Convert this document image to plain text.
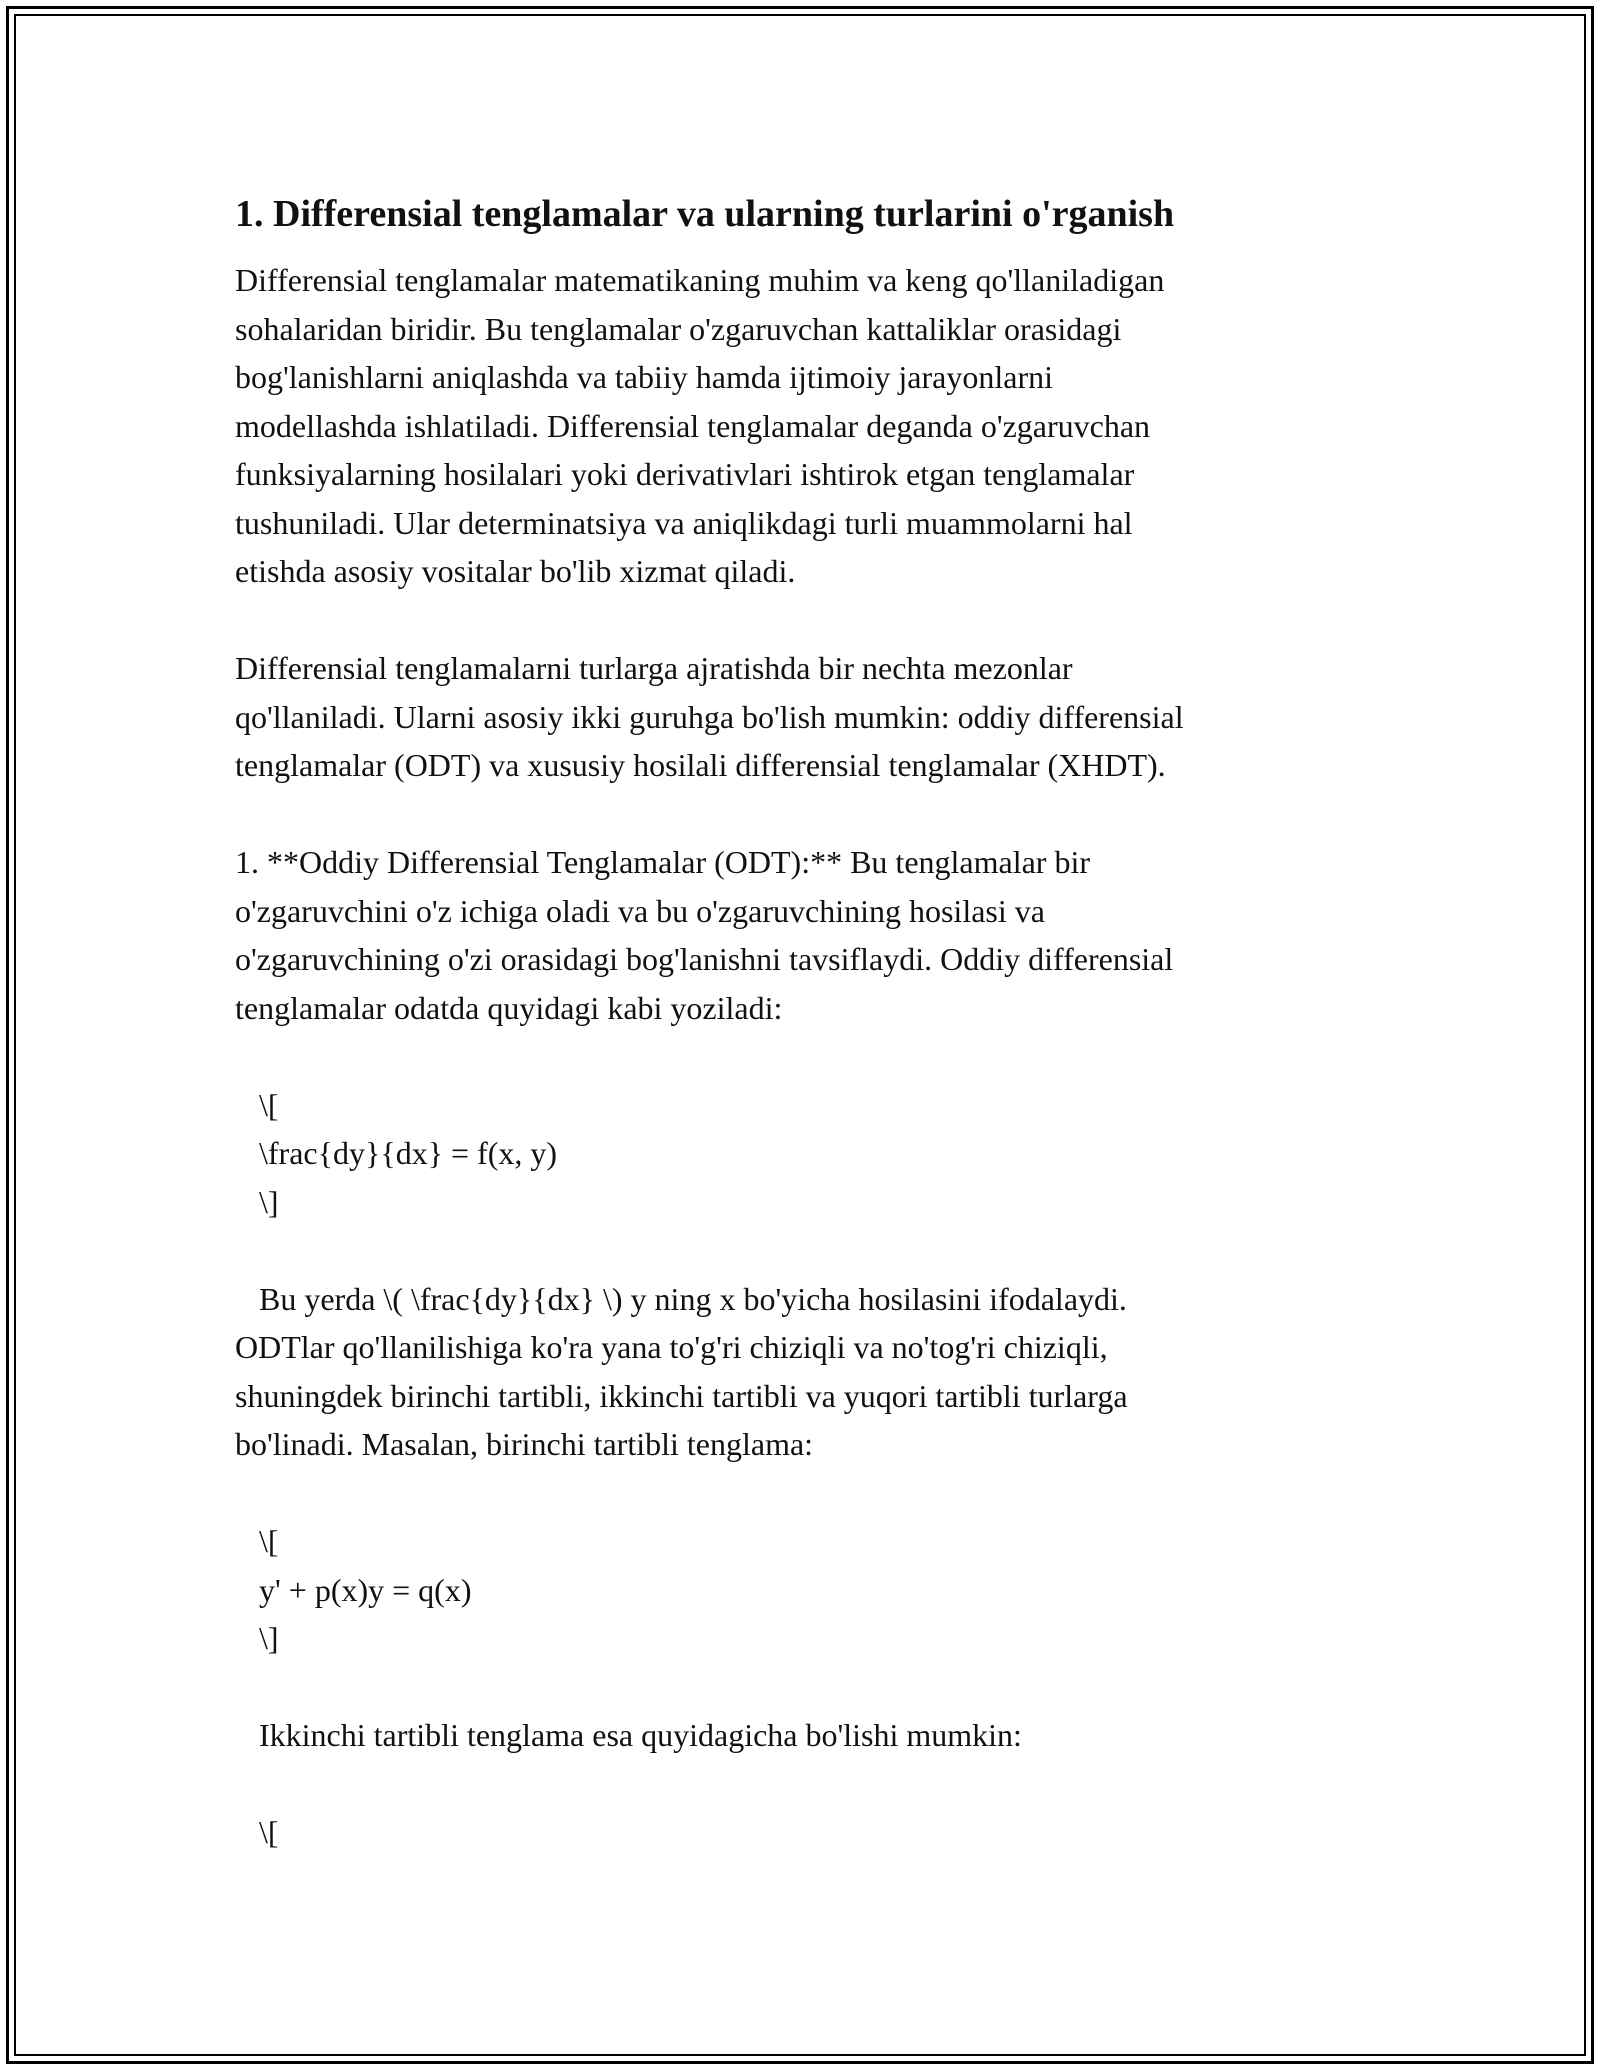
1. Differensial tenglamalar va ularning turlarini o'rganish

Differensial tenglamalar matematikaning muhim va keng qo'llaniladigan
sohalaridan biridir. Bu tenglamalar o'zgaruvchan kattaliklar orasidagi
bog'lanishlarni aniqlashda va tabiiy hamda ijtimoiy jarayonlarni
modellashda ishlatiladi. Differensial tenglamalar deganda o'zgaruvchan
funksiyalarning hosilalari yoki derivativlari ishtirok etgan tenglamalar
tushuniladi. Ular determinatsiya va aniqlikdagi turli muammolarni hal
etishda asosiy vositalar bo'lib xizmat qiladi.

Differensial tenglamalarni turlarga ajratishda bir nechta mezonlar
qo'llaniladi. Ularni asosiy ikki guruhga bo'lish mumkin: oddiy differensial
tenglamalar (ODT) va xususiy hosilali differensial tenglamalar (XHDT).

1. **Oddiy Differensial Tenglamalar (ODT):** Bu tenglamalar bir
o'zgaruvchini o'z ichiga oladi va bu o'zgaruvchining hosilasi va
o'zgaruvchining o'zi orasidagi bog'lanishni tavsiflaydi. Oddiy differensial
tenglamalar odatda quyidagi kabi yoziladi:

\[
\frac{dy}{dx} = f(x, y)
\]

Bu yerda \( \frac{dy}{dx} \) y ning x bo'yicha hosilasini ifodalaydi.
ODTlar qo'llanilishiga ko'ra yana to'g'ri chiziqli va no'tog'ri chiziqli,
shuningdek birinchi tartibli, ikkinchi tartibli va yuqori tartibli turlarga
bo'linadi. Masalan, birinchi tartibli tenglama:

\[
y' + p(x)y = q(x)
\]

Ikkinchi tartibli tenglama esa quyidagicha bo'lishi mumkin:

\[
